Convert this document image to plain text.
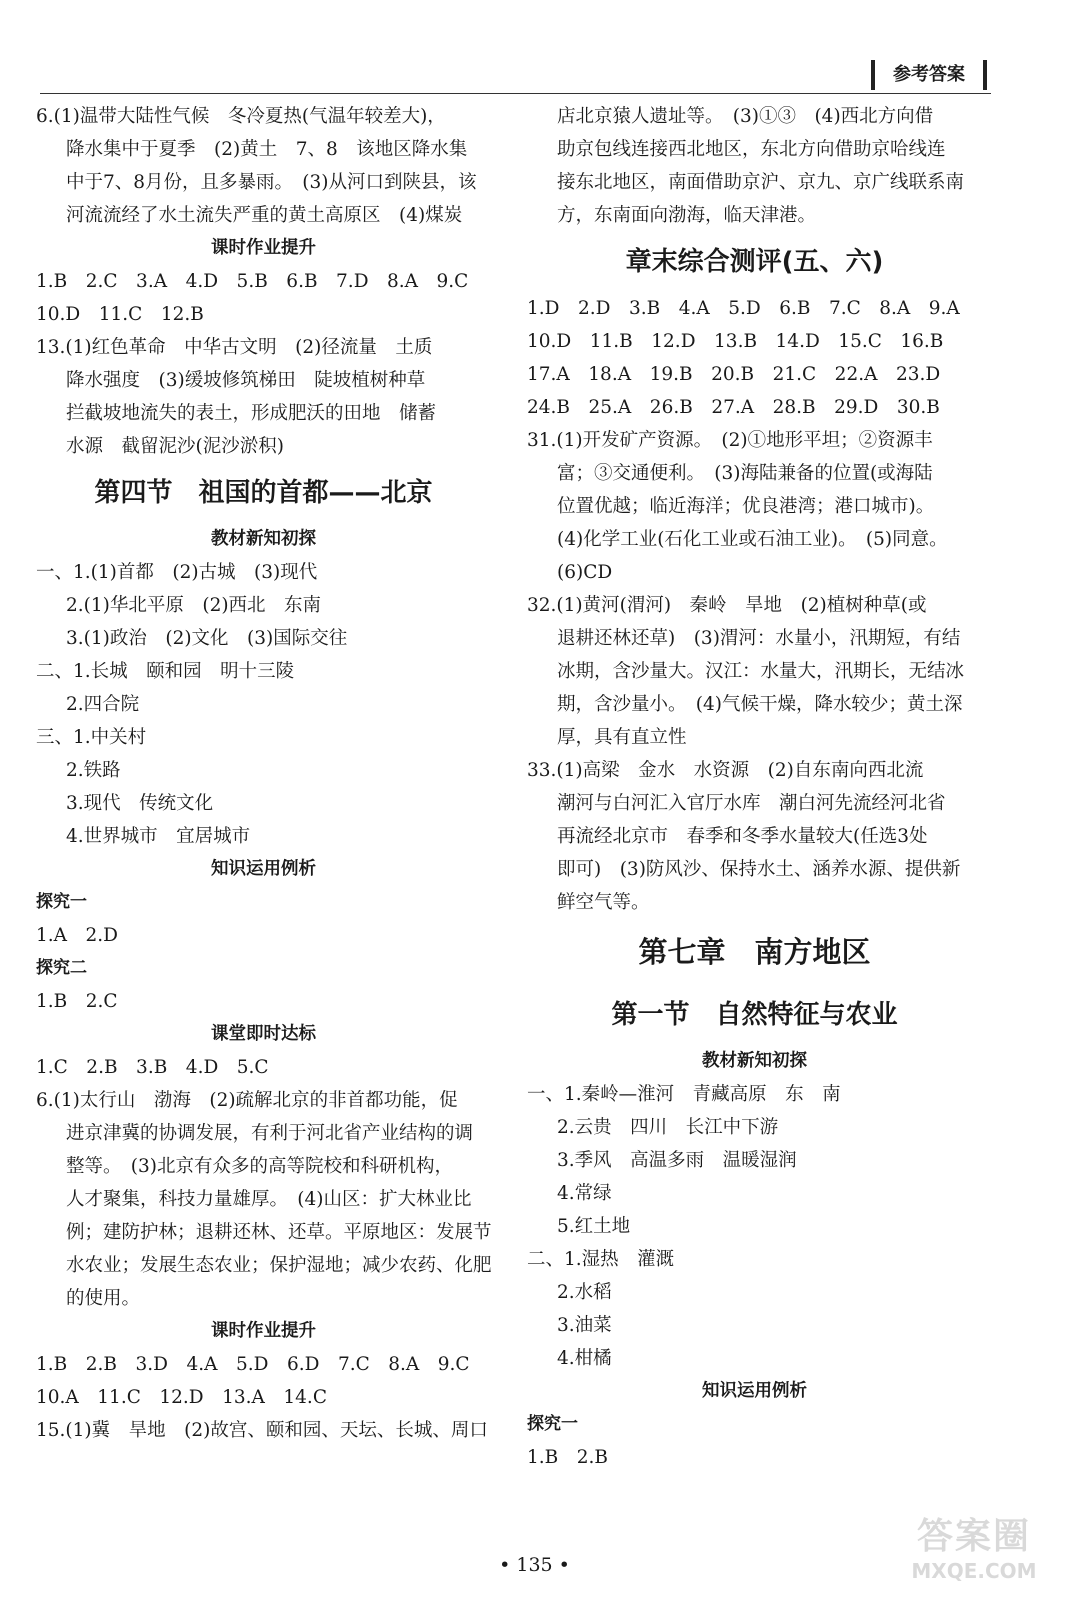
参考答案

6.(1)温带大陆性气候　冬冷夏热(气温年较差大)，

降水集中于夏季　(2)黄土　7、8　该地区降水集

中于7、8月份，且多暴雨。　(3)从河口到陕县，该

河流流经了水土流失严重的黄土高原区　(4)煤炭

课时作业提升

1.B　2.C　3.A　4.D　5.B　6.B　7.D　8.A　9.C

10.D　11.C　12.B

13.(1)红色革命　中华古文明　(2)径流量　土质

降水强度　(3)缓坡修筑梯田　陡坡植树种草

拦截坡地流失的表土，形成肥沃的田地　储蓄

水源　截留泥沙(泥沙淤积)

第四节　祖国的首都——北京

教材新知初探

一、1.(1)首都　(2)古城　(3)现代

2.(1)华北平原　(2)西北　东南

3.(1)政治　(2)文化　(3)国际交往

二、1.长城　颐和园　明十三陵

2.四合院

三、1.中关村

2.铁路

3.现代　传统文化

4.世界城市　宜居城市

知识运用例析

探究一

1.A　2.D

探究二

1.B　2.C

课堂即时达标

1.C　2.B　3.B　4.D　5.C

6.(1)太行山　渤海　(2)疏解北京的非首都功能，促

进京津冀的协调发展，有利于河北省产业结构的调

整等。　(3)北京有众多的高等院校和科研机构，

人才聚集，科技力量雄厚。　(4)山区：扩大林业比

例；建防护林；退耕还林、还草。平原地区：发展节

水农业；发展生态农业；保护湿地；减少农药、化肥

的使用。

课时作业提升

1.B　2.B　3.D　4.A　5.D　6.D　7.C　8.A　9.C

10.A　11.C　12.D　13.A　14.C

15.(1)冀　旱地　(2)故宫、颐和园、天坛、长城、周口

店北京猿人遗址等。　(3)①③　(4)西北方向借

助京包线连接西北地区，东北方向借助京哈线连

接东北地区，南面借助京沪、京九、京广线联系南

方，东南面向渤海，临天津港。

章末综合测评(五、六)

1.D　2.D　3.B　4.A　5.D　6.B　7.C　8.A　9.A

10.D　11.B　12.D　13.B　14.D　15.C　16.B

17.A　18.A　19.B　20.B　21.C　22.A　23.D

24.B　25.A　26.B　27.A　28.B　29.D　30.B

31.(1)开发矿产资源。　(2)①地形平坦；②资源丰

富；③交通便利。　(3)海陆兼备的位置(或海陆

位置优越；临近海洋；优良港湾；港口城市)。

(4)化学工业(石化工业或石油工业)。　(5)同意。

(6)CD

32.(1)黄河(渭河)　秦岭　旱地　(2)植树种草(或

退耕还林还草)　(3)渭河：水量小，汛期短，有结

冰期，含沙量大。汉江：水量大，汛期长，无结冰

期，含沙量小。　(4)气候干燥，降水较少；黄土深

厚，具有直立性

33.(1)高梁　金水　水资源　(2)自东南向西北流

潮河与白河汇入官厅水库　潮白河先流经河北省

再流经北京市　春季和冬季水量较大(任选3处

即可)　(3)防风沙、保持水土、涵养水源、提供新

鲜空气等。

第七章　南方地区

第一节　自然特征与农业

教材新知初探

一、1.秦岭—淮河　青藏高原　东　南

2.云贵　四川　长江中下游

3.季风　高温多雨　温暖湿润

4.常绿

5.红土地

二、1.湿热　灌溉

2.水稻

3.油菜

4.柑橘

知识运用例析

探究一

1.B　2.B

• 135 •
答案圈
MXQE.COM
